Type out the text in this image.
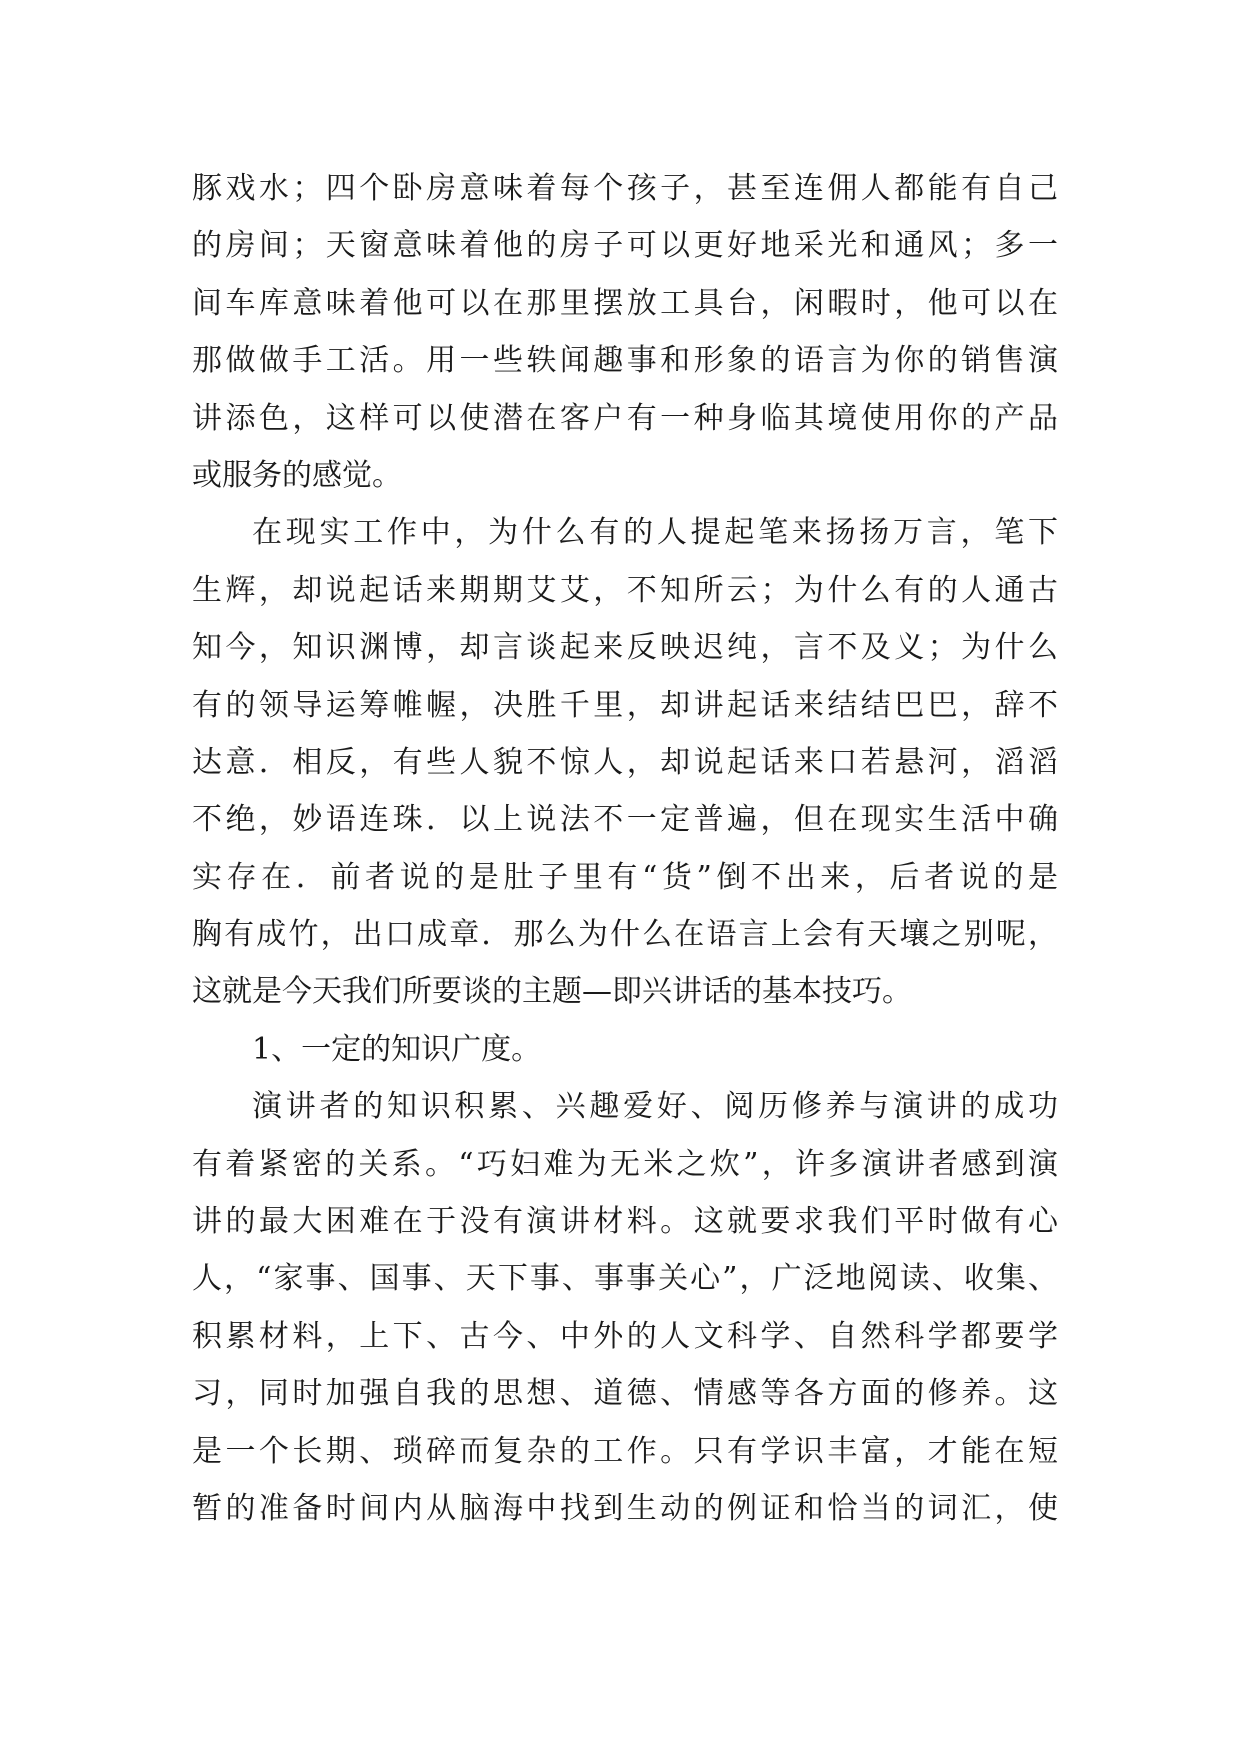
豚戏水；四个卧房意味着每个孩子，甚至连佣人都能有自己
的房间；天窗意味着他的房子可以更好地采光和通风；多一
间车库意味着他可以在那里摆放工具台，闲暇时，他可以在
那做做手工活。用一些轶闻趣事和形象的语言为你的销售演
讲添色，这样可以使潜在客户有一种身临其境使用你的产品
或服务的感觉。
在现实工作中，为什么有的人提起笔来扬扬万言，笔下
生辉，却说起话来期期艾艾，不知所云；为什么有的人通古
知今，知识渊博，却言谈起来反映迟纯，言不及义；为什么
有的领导运筹帷幄，决胜千里，却讲起话来结结巴巴，辞不
达意．相反，有些人貌不惊人，却说起话来口若悬河，滔滔
不绝，妙语连珠．以上说法不一定普遍，但在现实生活中确
实存在．前者说的是肚子里有“货”倒不出来，后者说的是
胸有成竹，出口成章．那么为什么在语言上会有天壤之别呢，
这就是今天我们所要谈的主题—即兴讲话的基本技巧。
1、一定的知识广度。
演讲者的知识积累、兴趣爱好、阅历修养与演讲的成功
有着紧密的关系。“巧妇难为无米之炊”，许多演讲者感到演
讲的最大困难在于没有演讲材料。这就要求我们平时做有心
人，“家事、国事、天下事、事事关心”，广泛地阅读、收集、
积累材料，上下、古今、中外的人文科学、自然科学都要学
习，同时加强自我的思想、道德、情感等各方面的修养。这
是一个长期、琐碎而复杂的工作。只有学识丰富，才能在短
暂的准备时间内从脑海中找到生动的例证和恰当的词汇，使
